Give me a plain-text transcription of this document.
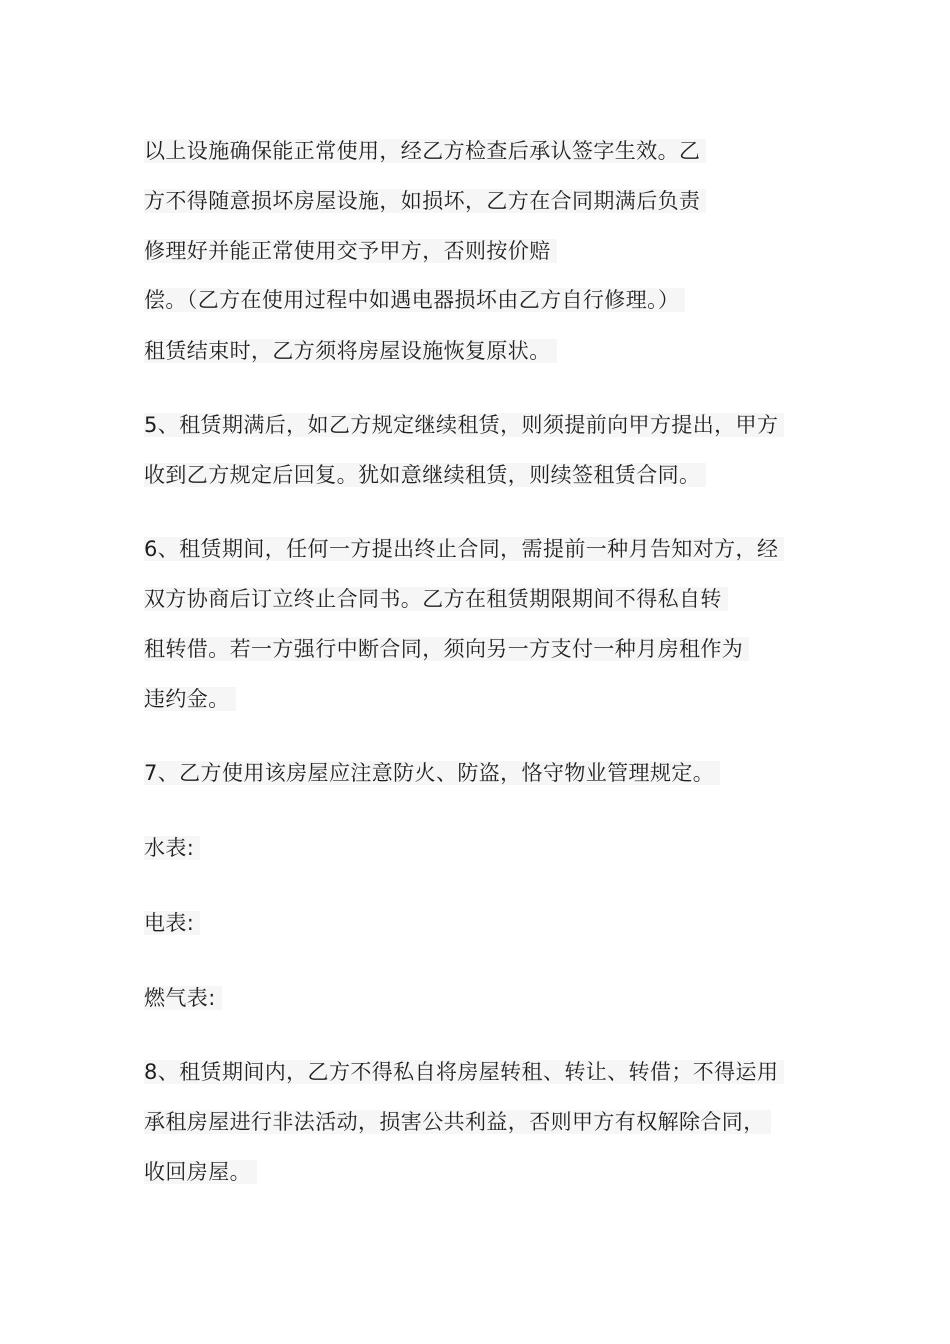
以上设施确保能正常使用，经乙方检查后承认签字生效。乙
方不得随意损坏房屋设施，如损坏，乙方在合同期满后负责
修理好并能正常使用交予甲方，否则按价赔
偿。（乙方在使用过程中如遇电器损坏由乙方自行修理。）
租赁结束时，乙方须将房屋设施恢复原状。
5、租赁期满后，如乙方规定继续租赁，则须提前向甲方提出，甲方
收到乙方规定后回复。犹如意继续租赁，则续签租赁合同。
6、租赁期间，任何一方提出终止合同，需提前一种月告知对方，经
双方协商后订立终止合同书。乙方在租赁期限期间不得私自转
租转借。若一方强行中断合同，须向另一方支付一种月房租作为
违约金。
7、乙方使用该房屋应注意防火、防盗，恪守物业管理规定。
水表:
电表:
燃气表:
8、租赁期间内，乙方不得私自将房屋转租、转让、转借；不得运用
承租房屋进行非法活动，损害公共利益，否则甲方有权解除合同，
收回房屋。
